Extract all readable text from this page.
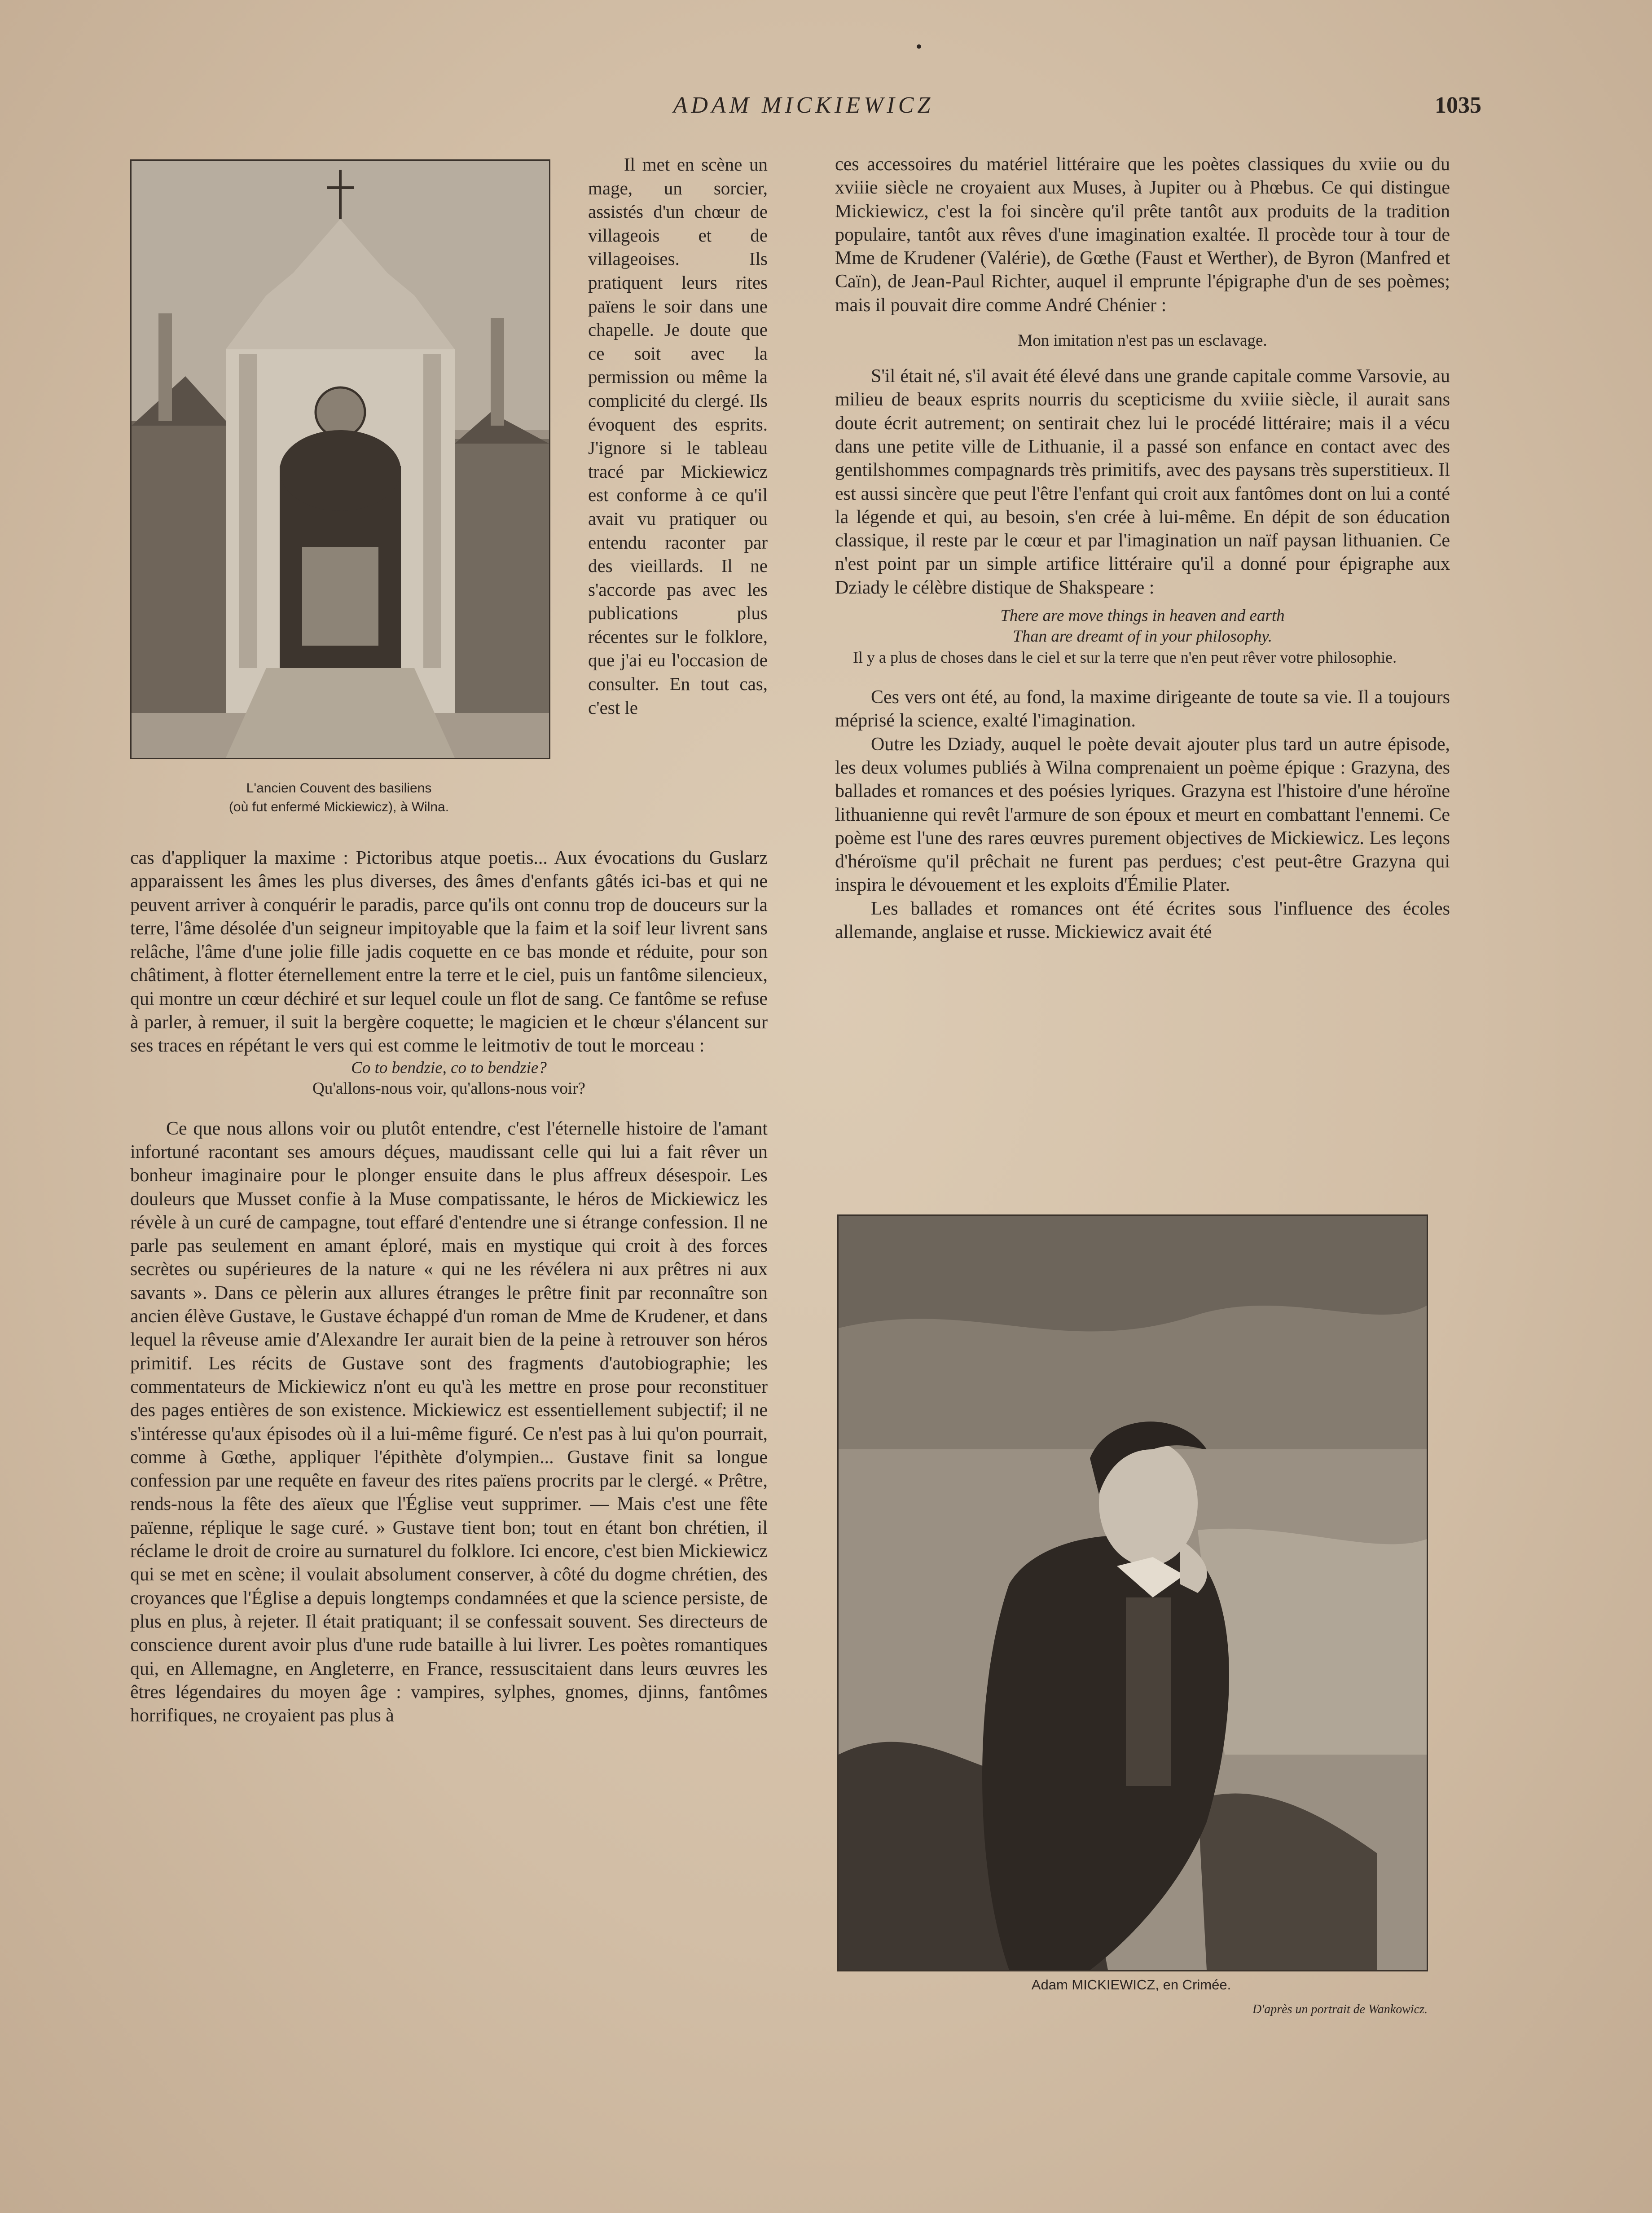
•
ADAM MICKIEWICZ	1035
L'ancien Couvent des basiliens
(où fut enfermé Mickiewicz), à Wilna.

Il met en scène un mage, un sorcier, assistés d'un chœur de villageois et de villageoises. Ils pratiquent leurs rites païens le soir dans une chapelle. Je doute que ce soit avec la permission ou même la complicité du clergé. Ils évoquent des esprits. J'ignore si le tableau tracé par Mickiewicz est conforme à ce qu'il avait vu pratiquer ou entendu raconter par des vieillards. Il ne s'accorde pas avec les publications plus récentes sur le folklore, que j'ai eu l'occasion de consulter. En tout cas, c'est le

cas d'appliquer la maxime : Pictoribus atque poetis... Aux évocations du Guslarz apparaissent les âmes les plus diverses, des âmes d'enfants gâtés ici-bas et qui ne peuvent arriver à conquérir le paradis, parce qu'ils ont connu trop de douceurs sur la terre, l'âme désolée d'un seigneur impitoyable que la faim et la soif leur livrent sans relâche, l'âme d'une jolie fille jadis coquette en ce bas monde et réduite, pour son châtiment, à flotter éternellement entre la terre et le ciel, puis un fantôme silencieux, qui montre un cœur déchiré et sur lequel coule un flot de sang. Ce fantôme se refuse à parler, à remuer, il suit la bergère coquette; le magicien et le chœur s'élancent sur ses traces en répétant le vers qui est comme le leitmotiv de tout le morceau :

Co to bendzie, co to bendzie?

Qu'allons-nous voir, qu'allons-nous voir?

Ce que nous allons voir ou plutôt entendre, c'est l'éternelle histoire de l'amant infortuné racontant ses amours déçues, maudissant celle qui lui a fait rêver un bonheur imaginaire pour le plonger ensuite dans le plus affreux désespoir. Les douleurs que Musset confie à la Muse compatissante, le héros de Mickiewicz les révèle à un curé de campagne, tout effaré d'entendre une si étrange confession. Il ne parle pas seulement en amant éploré, mais en mystique qui croit à des forces secrètes ou supérieures de la nature « qui ne les révélera ni aux prêtres ni aux savants ». Dans ce pèlerin aux allures étranges le prêtre finit par reconnaître son ancien élève Gustave, le Gustave échappé d'un roman de Mme de Krudener, et dans lequel la rêveuse amie d'Alexandre Ier aurait bien de la peine à retrouver son héros primitif. Les récits de Gustave sont des fragments d'autobiographie; les commentateurs de Mickiewicz n'ont eu qu'à les mettre en prose pour reconstituer des pages entières de son existence. Mickiewicz est essentiellement subjectif; il ne s'intéresse qu'aux épisodes où il a lui-même figuré. Ce n'est pas à lui qu'on pourrait, comme à Gœthe, appliquer l'épithète d'olympien... Gustave finit sa longue confession par une requête en faveur des rites païens procrits par le clergé. « Prêtre, rends-nous la fête des aïeux que l'Église veut supprimer. — Mais c'est une fête païenne, réplique le sage curé. » Gustave tient bon; tout en étant bon chrétien, il réclame le droit de croire au surnaturel du folklore. Ici encore, c'est bien Mickiewicz qui se met en scène; il voulait absolument conserver, à côté du dogme chrétien, des croyances que l'Église a depuis longtemps condamnées et que la science persiste, de plus en plus, à rejeter. Il était pratiquant; il se confessait souvent. Ses directeurs de conscience durent avoir plus d'une rude bataille à lui livrer. Les poètes romantiques qui, en Allemagne, en Angleterre, en France, ressuscitaient dans leurs œuvres les êtres légendaires du moyen âge : vampires, sylphes, gnomes, djinns, fantômes horrifiques, ne croyaient pas plus à

ces accessoires du matériel littéraire que les poètes classiques du xviie ou du xviiie siècle ne croyaient aux Muses, à Jupiter ou à Phœbus. Ce qui distingue Mickiewicz, c'est la foi sincère qu'il prête tantôt aux produits de la tradition populaire, tantôt aux rêves d'une imagination exaltée. Il procède tour à tour de Mme de Krudener (Valérie), de Gœthe (Faust et Werther), de Byron (Manfred et Caïn), de Jean-Paul Richter, auquel il emprunte l'épigraphe d'un de ses poèmes; mais il pouvait dire comme André Chénier :

Mon imitation n'est pas un esclavage.

S'il était né, s'il avait été élevé dans une grande capitale comme Varsovie, au milieu de beaux esprits nourris du scepticisme du xviiie siècle, il aurait sans doute écrit autrement; on sentirait chez lui le procédé littéraire; mais il a vécu dans une petite ville de Lithuanie, il a passé son enfance en contact avec des gentilshommes compagnards très primitifs, avec des paysans très superstitieux. Il est aussi sincère que peut l'être l'enfant qui croit aux fantômes dont on lui a conté la légende et qui, au besoin, s'en crée à lui-même. En dépit de son éducation classique, il reste par le cœur et par l'imagination un naïf paysan lithuanien. Ce n'est point par un simple artifice littéraire qu'il a donné pour épigraphe aux Dziady le célèbre distique de Shakspeare :

There are move things in heaven and earth

Than are dreamt of in your philosophy.

Il y a plus de choses dans le ciel et sur la terre que n'en peut rêver votre philosophie.

Ces vers ont été, au fond, la maxime dirigeante de toute sa vie. Il a toujours méprisé la science, exalté l'imagination.

Outre les Dziady, auquel le poète devait ajouter plus tard un autre épisode, les deux volumes publiés à Wilna comprenaient un poème épique : Grazyna, des ballades et romances et des poésies lyriques. Grazyna est l'histoire d'une héroïne lithuanienne qui revêt l'armure de son époux et meurt en combattant l'ennemi. Ce poème est l'une des rares œuvres purement objectives de Mickiewicz. Les leçons d'héroïsme qu'il prêchait ne furent pas perdues; c'est peut-être Grazyna qui inspira le dévouement et les exploits d'Émilie Plater.

Les ballades et romances ont été écrites sous l'influence des écoles allemande, anglaise et russe. Mickiewicz avait été

Adam MICKIEWICZ, en Crimée.
D'après un portrait de Wankowicz.
